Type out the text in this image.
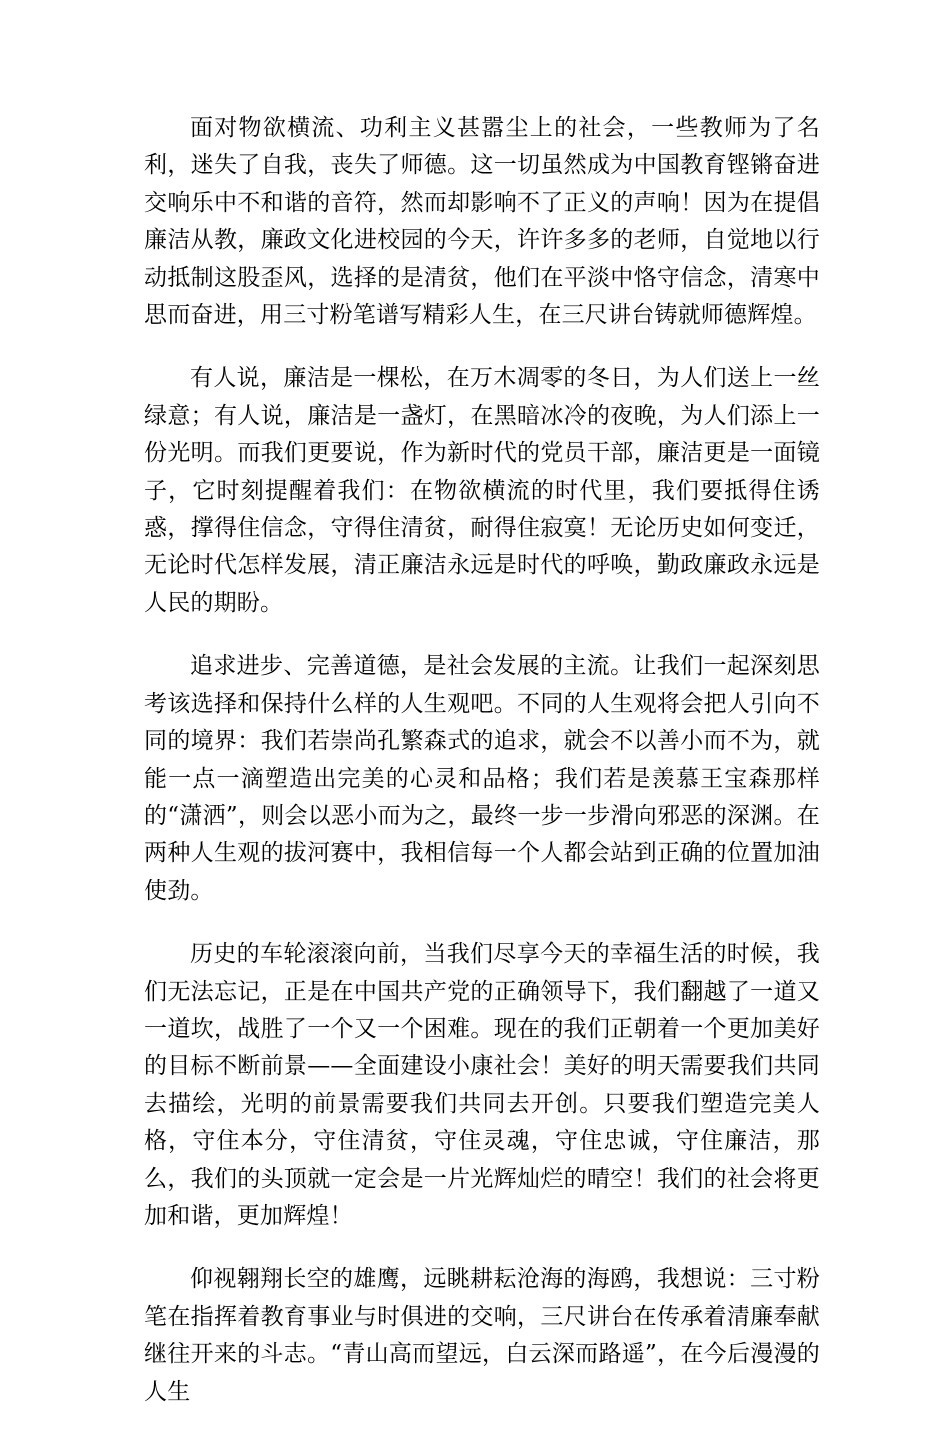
面对物欲横流、功利主义甚嚣尘上的社会，一些教师为了名利，迷失了自我，丧失了师德。这一切虽然成为中国教育铿锵奋进交响乐中不和谐的音符，然而却影响不了正义的声响！因为在提倡廉洁从教，廉政文化进校园的今天，许许多多的老师，自觉地以行动抵制这股歪风，选择的是清贫，他们在平淡中恪守信念，清寒中思而奋进，用三寸粉笔谱写精彩人生，在三尺讲台铸就师德辉煌。

有人说，廉洁是一棵松，在万木凋零的冬日，为人们送上一丝绿意；有人说，廉洁是一盏灯，在黑暗冰冷的夜晚，为人们添上一份光明。而我们更要说，作为新时代的党员干部，廉洁更是一面镜子，它时刻提醒着我们：在物欲横流的时代里，我们要抵得住诱惑，撑得住信念，守得住清贫，耐得住寂寞！无论历史如何变迁，无论时代怎样发展，清正廉洁永远是时代的呼唤，勤政廉政永远是人民的期盼。

追求进步、完善道德，是社会发展的主流。让我们一起深刻思考该选择和保持什么样的人生观吧。不同的人生观将会把人引向不同的境界：我们若崇尚孔繁森式的追求，就会不以善小而不为，就能一点一滴塑造出完美的心灵和品格；我们若是羡慕王宝森那样的“潇洒”，则会以恶小而为之，最终一步一步滑向邪恶的深渊。在两种人生观的拔河赛中，我相信每一个人都会站到正确的位置加油使劲。

历史的车轮滚滚向前，当我们尽享今天的幸福生活的时候，我们无法忘记，正是在中国共产党的正确领导下，我们翻越了一道又一道坎，战胜了一个又一个困难。现在的我们正朝着一个更加美好的目标不断前景——全面建设小康社会！美好的明天需要我们共同去描绘，光明的前景需要我们共同去开创。只要我们塑造完美人格，守住本分，守住清贫，守住灵魂，守住忠诚，守住廉洁，那么，我们的头顶就一定会是一片光辉灿烂的晴空！我们的社会将更加和谐，更加辉煌！

仰视翱翔长空的雄鹰，远眺耕耘沧海的海鸥，我想说：三寸粉笔在指挥着教育事业与时俱进的交响，三尺讲台在传承着清廉奉献继往开来的斗志。“青山高而望远，白云深而路遥”，在今后漫漫的人生
